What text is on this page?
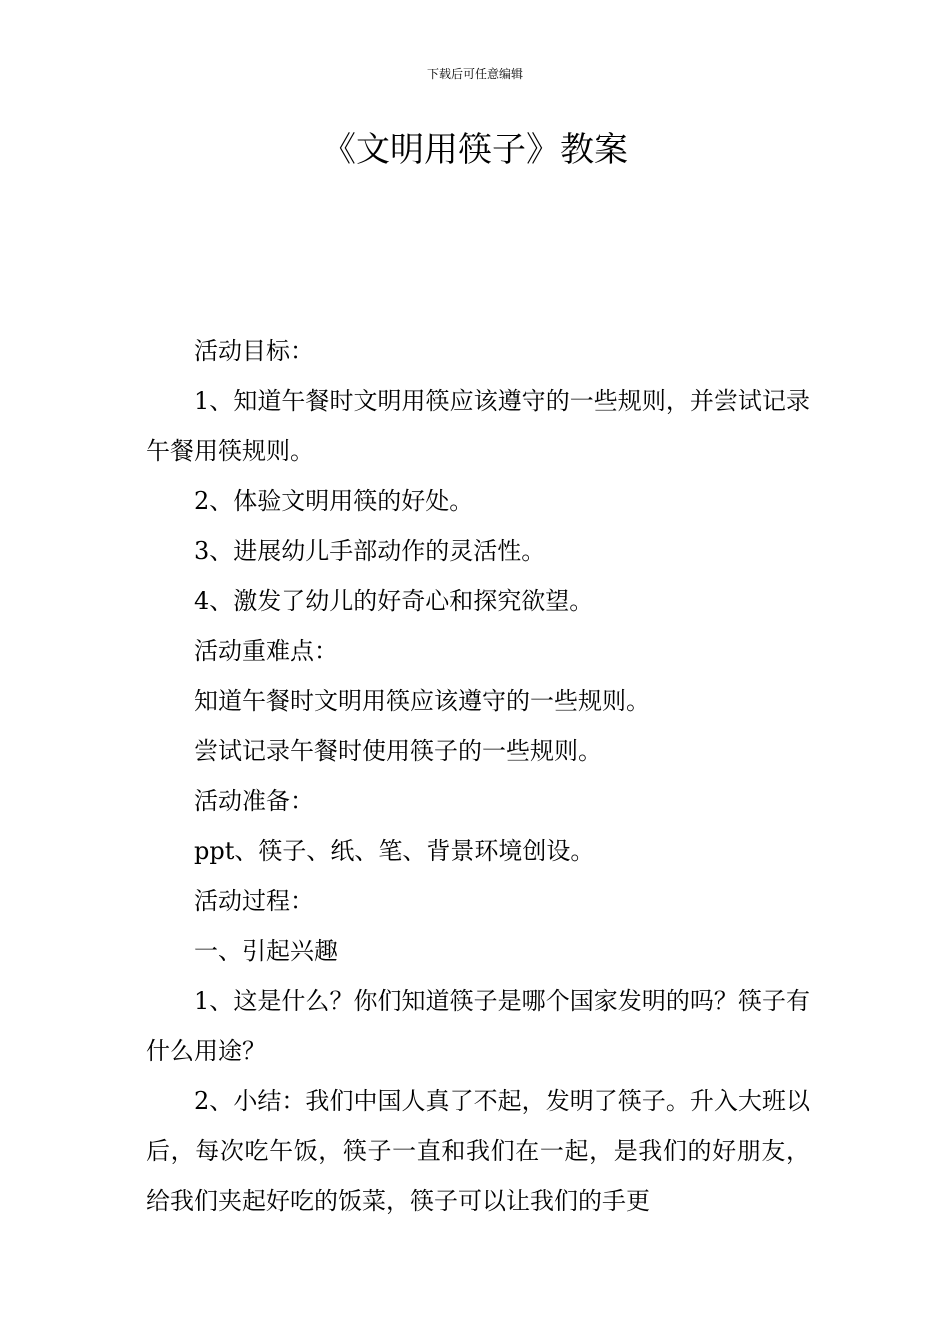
下载后可任意编辑
《文明用筷子》教案

活动目标：

1、知道午餐时文明用筷应该遵守的一些规则，并尝试记录午餐用筷规则。

2、体验文明用筷的好处。

3、进展幼儿手部动作的灵活性。

4、激发了幼儿的好奇心和探究欲望。

活动重难点：

知道午餐时文明用筷应该遵守的一些规则。

尝试记录午餐时使用筷子的一些规则。

活动准备：

ppt、筷子、纸、笔、背景环境创设。

活动过程：

一、引起兴趣

1、这是什么？你们知道筷子是哪个国家发明的吗？筷子有什么用途？

2、小结：我们中国人真了不起，发明了筷子。升入大班以后，每次吃午饭，筷子一直和我们在一起，是我们的好朋友，给我们夹起好吃的饭菜，筷子可以让我们的手更
